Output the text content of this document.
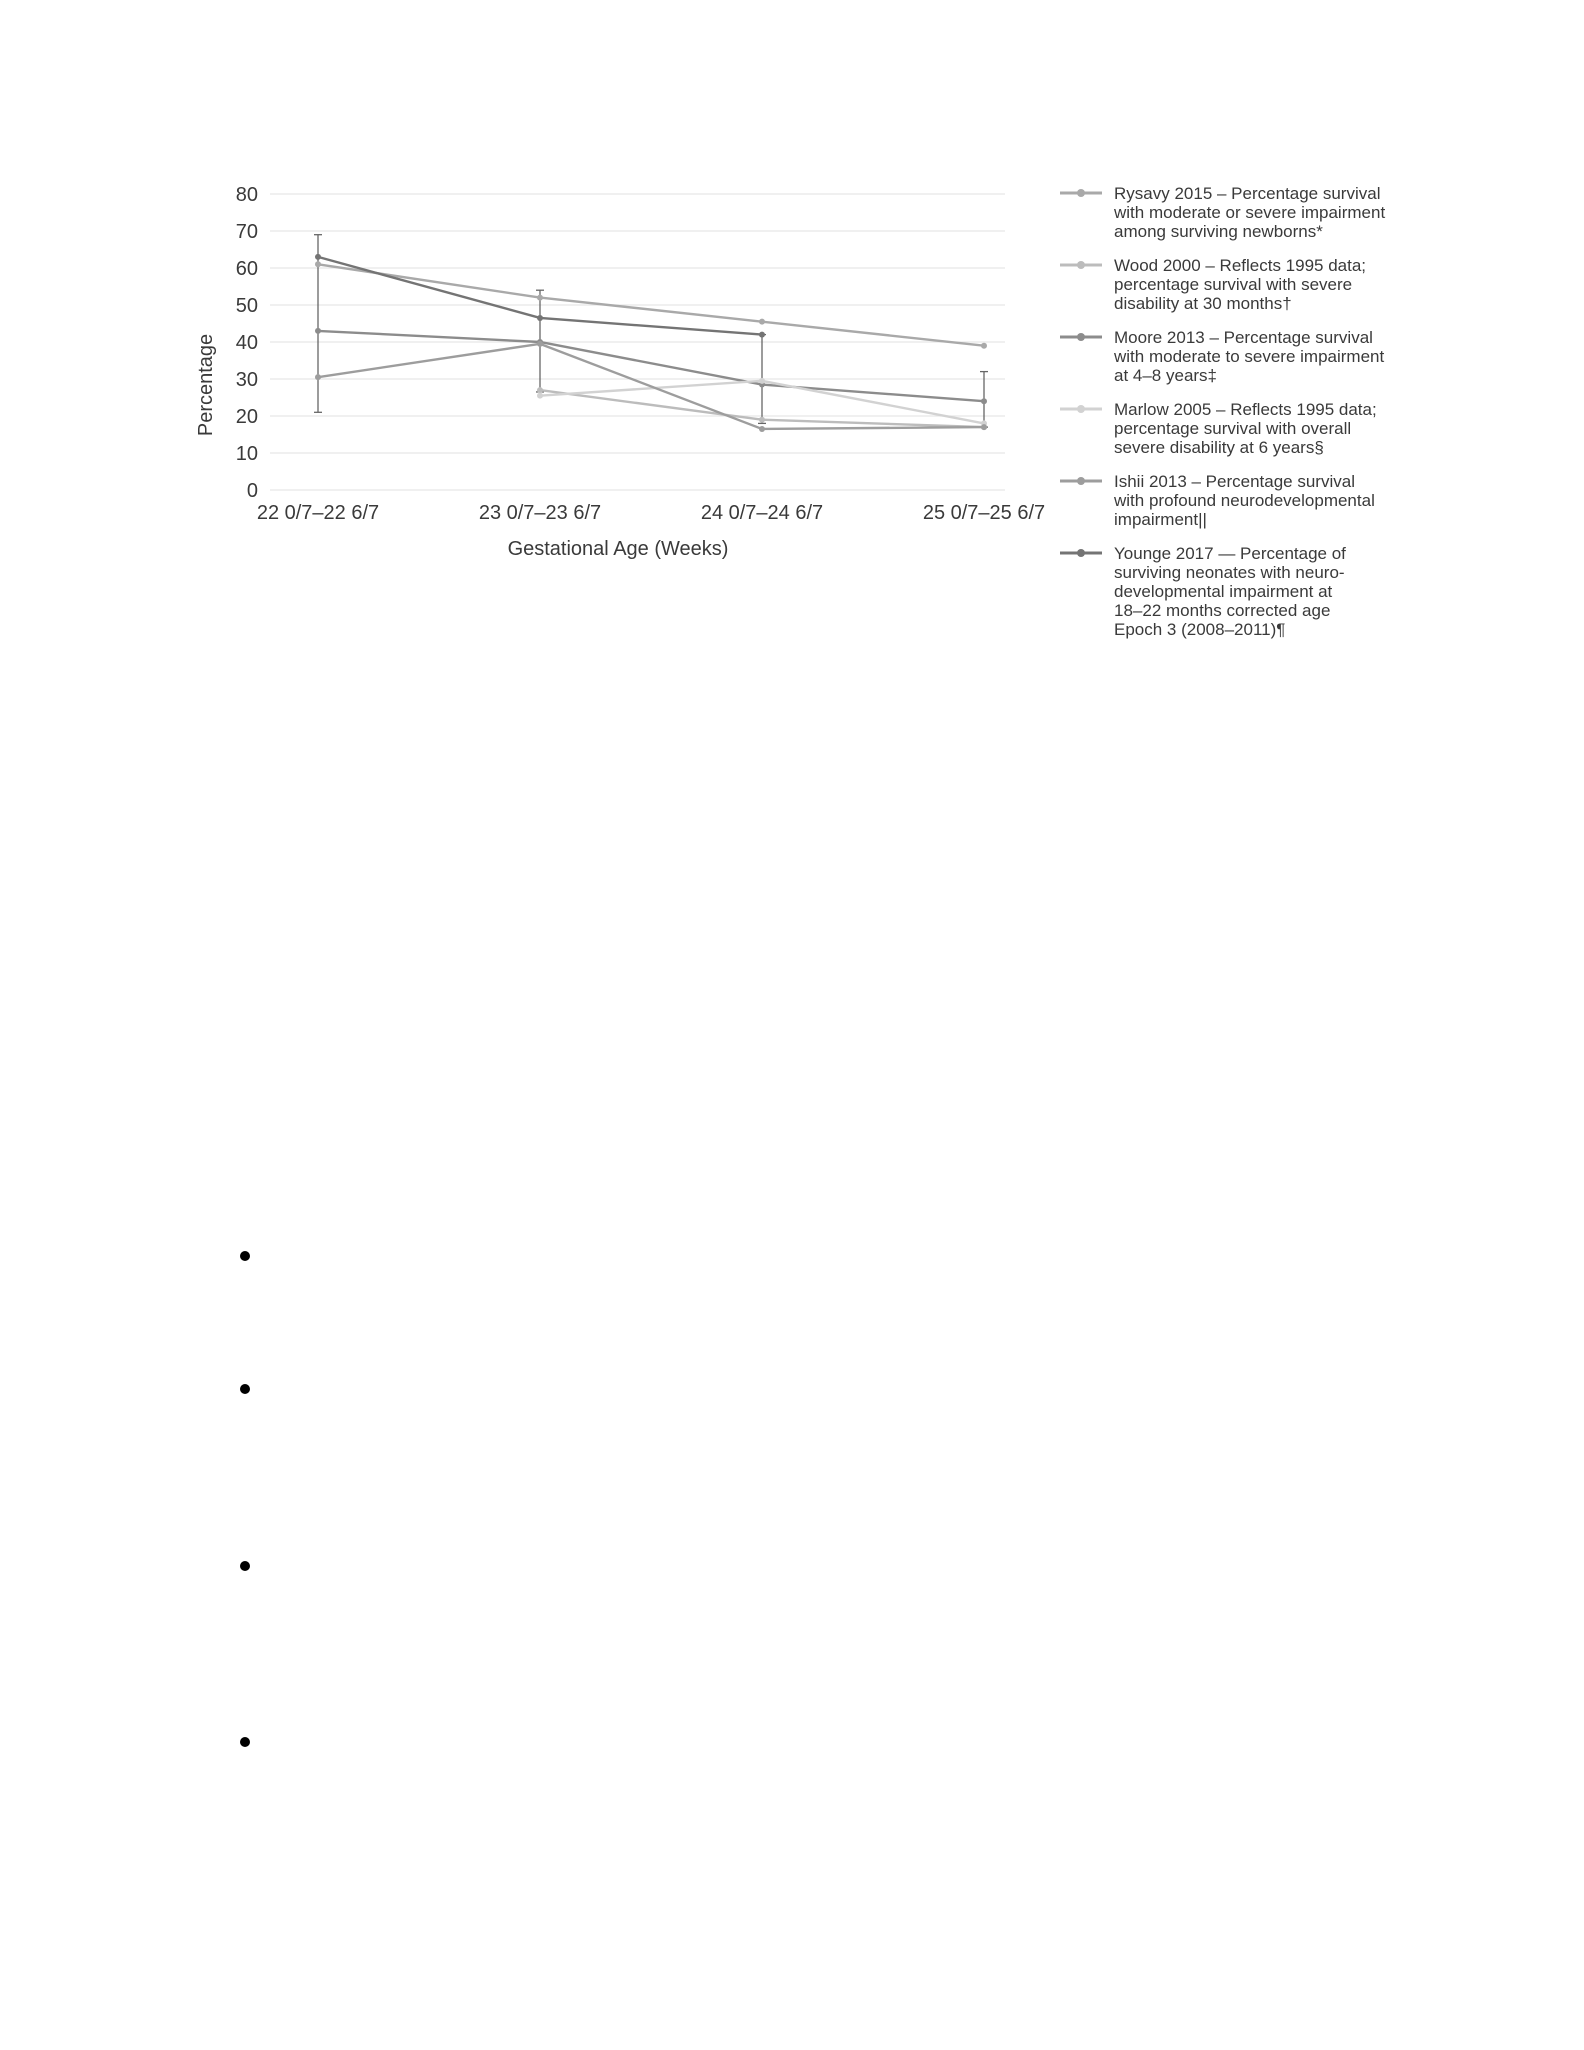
0
10
20
30
40
50
60
70
80
22 0/7–22 6/7	23 0/7–23 6/7	24 0/7–24 6/7	25 0/7–25 6/7
Percentage
Gestational Age (Weeks)
Rysavy 2015 – Percentage survival
with moderate or severe impairment
among surviving newborns*
Wood 2000 – Reflects 1995 data;
percentage survival with severe
disability at 30 months†
Moore 2013 – Percentage survival
with moderate to severe impairment
at 4–8 years‡
Marlow 2005 – Reflects 1995 data;
percentage survival with overall
severe disability at 6 years§
Ishii 2013 – Percentage survival
with profound neurodevelopmental
impairment||
Younge 2017 — Percentage of
surviving neonates with neuro-
developmental impairment at
18–22 months corrected age
Epoch 3 (2008–2011)¶
